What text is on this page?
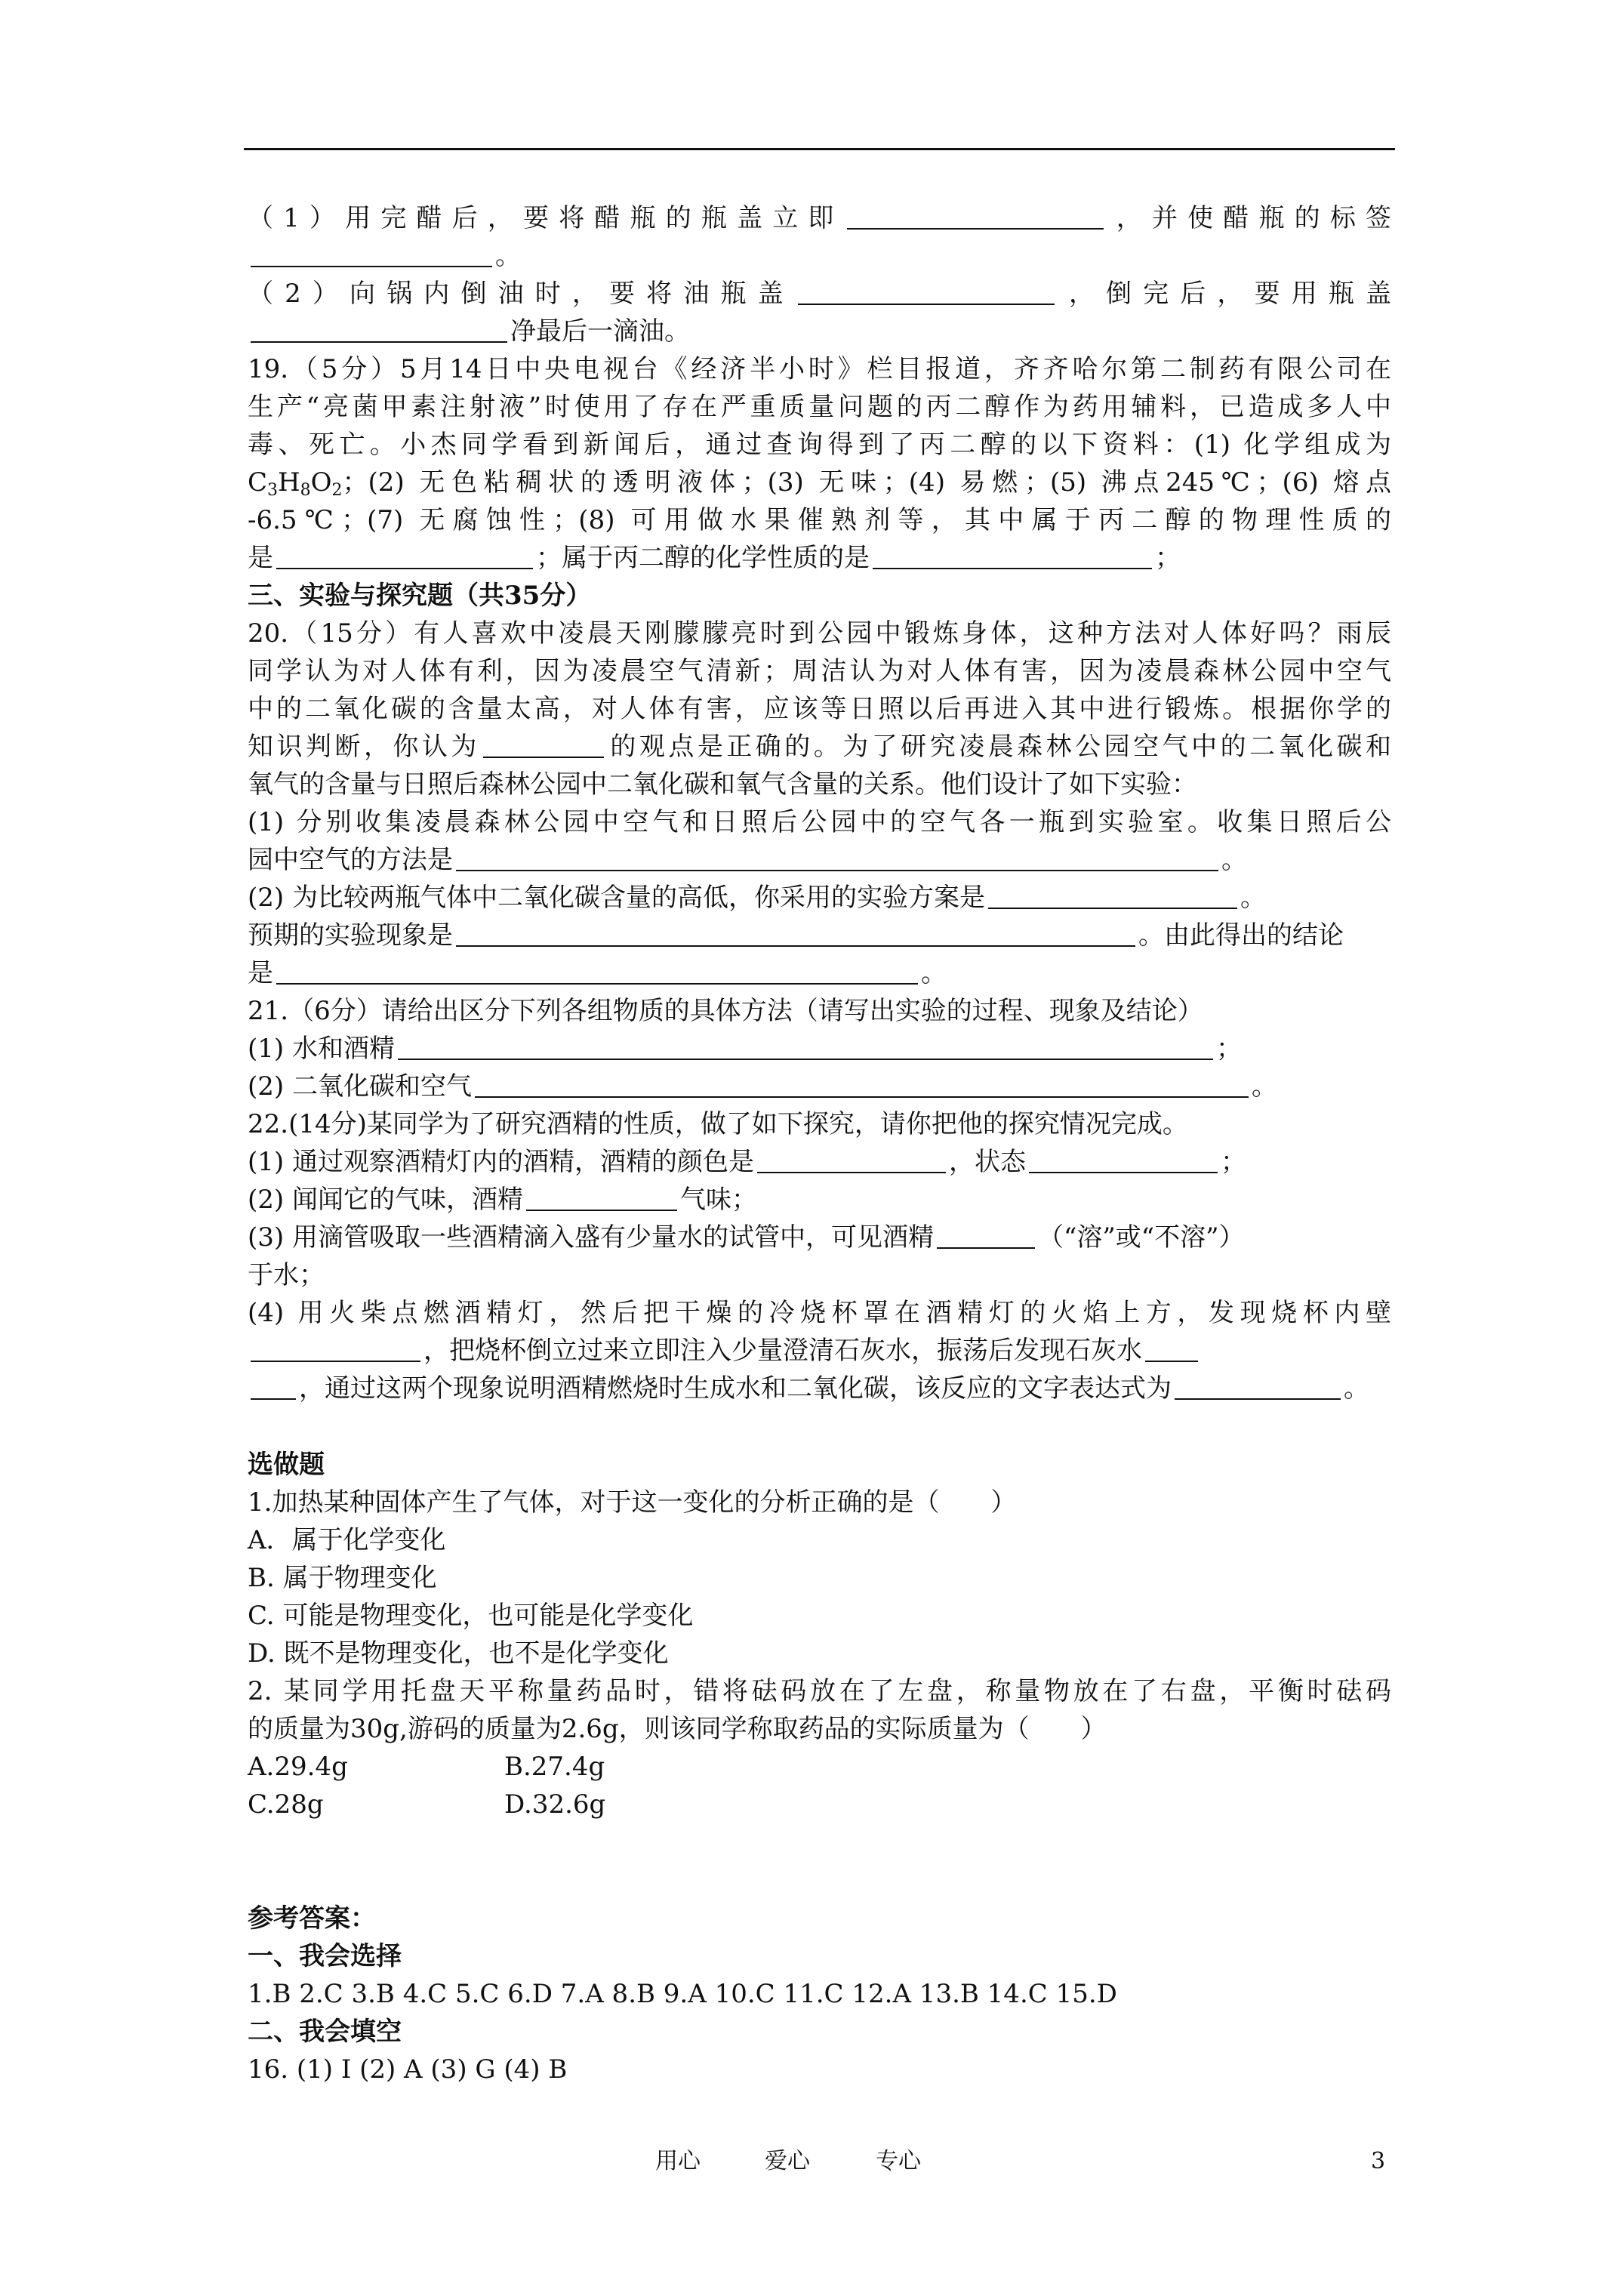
（1）用完醋后，要将醋瓶的瓶盖立即	，并使醋瓶的标签
。
（2）向锅内倒油时，要将油瓶盖	，倒完后，要用瓶盖
净最后一滴油。
19.（5分）5月14日中央电视台《经济半小时》栏目报道，齐齐哈尔第二制药有限公司在
生产“亮菌甲素注射液”时使用了存在严重质量问题的丙二醇作为药用辅料，已造成多人中
毒、死亡。小杰同学看到新闻后，通过查询得到了丙二醇的以下资料：(1) 化学组成为
$C_3H_8O_2$；(2) 无色粘稠状的透明液体；(3) 无味；(4) 易燃；(5) 沸点245℃；(6) 熔点
-6.5℃；(7) 无腐蚀性；(8) 可用做水果催熟剂等，其中属于丙二醇的物理性质的
是	；属于丙二醇的化学性质的是	；
三、实验与探究题（共35分）
20.（15分）有人喜欢中凌晨天刚朦朦亮时到公园中锻炼身体，这种方法对人体好吗？雨辰
同学认为对人体有利，因为凌晨空气清新；周洁认为对人体有害，因为凌晨森林公园中空气
中的二氧化碳的含量太高，对人体有害，应该等日照以后再进入其中进行锻炼。根据你学的
知识判断，你认为	的观点是正确的。为了研究凌晨森林公园空气中的二氧化碳和
氧气的含量与日照后森林公园中二氧化碳和氧气含量的关系。他们设计了如下实验：
(1) 分别收集凌晨森林公园中空气和日照后公园中的空气各一瓶到实验室。收集日照后公
园中空气的方法是	。
(2) 为比较两瓶气体中二氧化碳含量的高低，你采用的实验方案是	。
预期的实验现象是	。由此得出的结论
是	。
21.（6分）请给出区分下列各组物质的具体方法（请写出实验的过程、现象及结论）
(1) 水和酒精	；
(2) 二氧化碳和空气	。
22.(14分)某同学为了研究酒精的性质，做了如下探究，请你把他的探究情况完成。
(1) 通过观察酒精灯内的酒精，酒精的颜色是	，状态	；
(2) 闻闻它的气味，酒精	气味；
(3) 用滴管吸取一些酒精滴入盛有少量水的试管中，可见酒精	（“溶”或“不溶”）
于水；
(4) 用火柴点燃酒精灯，然后把干燥的冷烧杯罩在酒精灯的火焰上方，发现烧杯内壁
，把烧杯倒立过来立即注入少量澄清石灰水，振荡后发现石灰水
，通过这两个现象说明酒精燃烧时生成水和二氧化碳，该反应的文字表达式为	。
选做题
1.加热某种固体产生了气体，对于这一变化的分析正确的是（　　）
A．属于化学变化
B. 属于物理变化
C. 可能是物理变化，也可能是化学变化
D. 既不是物理变化，也不是化学变化
2. 某同学用托盘天平称量药品时，错将砝码放在了左盘，称量物放在了右盘，平衡时砝码
的质量为30g,游码的质量为2.6g，则该同学称取药品的实际质量为（　　）
A.29.4g	B.27.4g
C.28g	D.32.6g
参考答案：
一、我会选择
1.B 2.C 3.B 4.C 5.C 6.D 7.A 8.B 9.A 10.C 11.C 12.A 13.B 14.C 15.D
二、我会填空
16. (1) I (2) A (3) G (4) B
用心	爱心	专心	3
